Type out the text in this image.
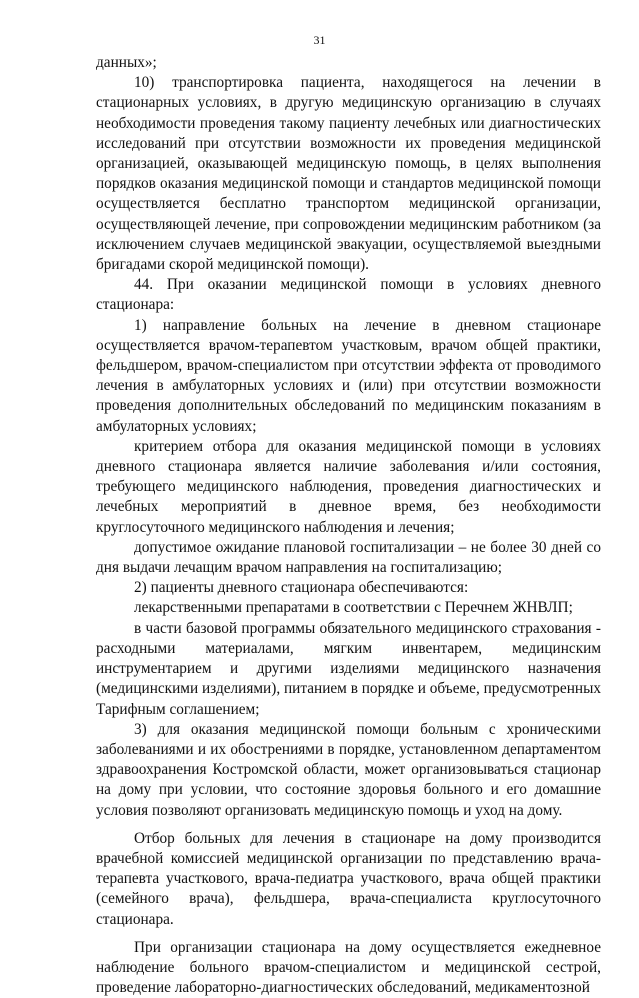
31

данных»;

10) транспортировка пациента, находящегося на лечении в стационарных условиях, в другую медицинскую организацию в случаях необходимости проведения такому пациенту лечебных или диагностических исследований при отсутствии возможности их проведения медицинской организацией, оказывающей медицинскую помощь, в целях выполнения порядков оказания медицинской помощи и стандартов медицинской помощи осуществляется бесплатно транспортом медицинской организации, осуществляющей лечение, при сопровождении медицинским работником (за исключением случаев медицинской эвакуации, осуществляемой выездными бригадами скорой медицинской помощи).

44. При оказании медицинской помощи в условиях дневного стационара:

1) направление больных на лечение в дневном стационаре осуществляется врачом-терапевтом участковым, врачом общей практики, фельдшером, врачом-специалистом при отсутствии эффекта от проводимого лечения в амбулаторных условиях и (или) при отсутствии возможности проведения дополнительных обследований по медицинским показаниям в амбулаторных условиях;

критерием отбора для оказания медицинской помощи в условиях дневного стационара является наличие заболевания и/или состояния, требующего медицинского наблюдения, проведения диагностических и лечебных мероприятий в дневное время, без необходимости круглосуточного медицинского наблюдения и лечения;

допустимое ожидание плановой госпитализации – не более 30 дней со дня выдачи лечащим врачом направления на госпитализацию;

2) пациенты дневного стационара обеспечиваются:

лекарственными препаратами в соответствии с Перечнем ЖНВЛП;

в части базовой программы обязательного медицинского страхования - расходными материалами, мягким инвентарем, медицинским инструментарием и другими изделиями медицинского назначения (медицинскими изделиями), питанием в порядке и объеме, предусмотренных Тарифным соглашением;

3) для оказания медицинской помощи больным с хроническими заболеваниями и их обострениями в порядке, установленном департаментом здравоохранения Костромской области, может организовываться стационар на дому при условии, что состояние здоровья больного и его домашние условия позволяют организовать медицинскую помощь и уход на дому.

Отбор больных для лечения в стационаре на дому производится врачебной комиссией медицинской организации по представлению врача-терапевта участкового, врача-педиатра участкового, врача общей практики (семейного врача), фельдшера, врача-специалиста круглосуточного стационара.

При организации стационара на дому осуществляется ежедневное наблюдение больного врачом-специалистом и медицинской сестрой, проведение лабораторно-диагностических обследований, медикаментозной
